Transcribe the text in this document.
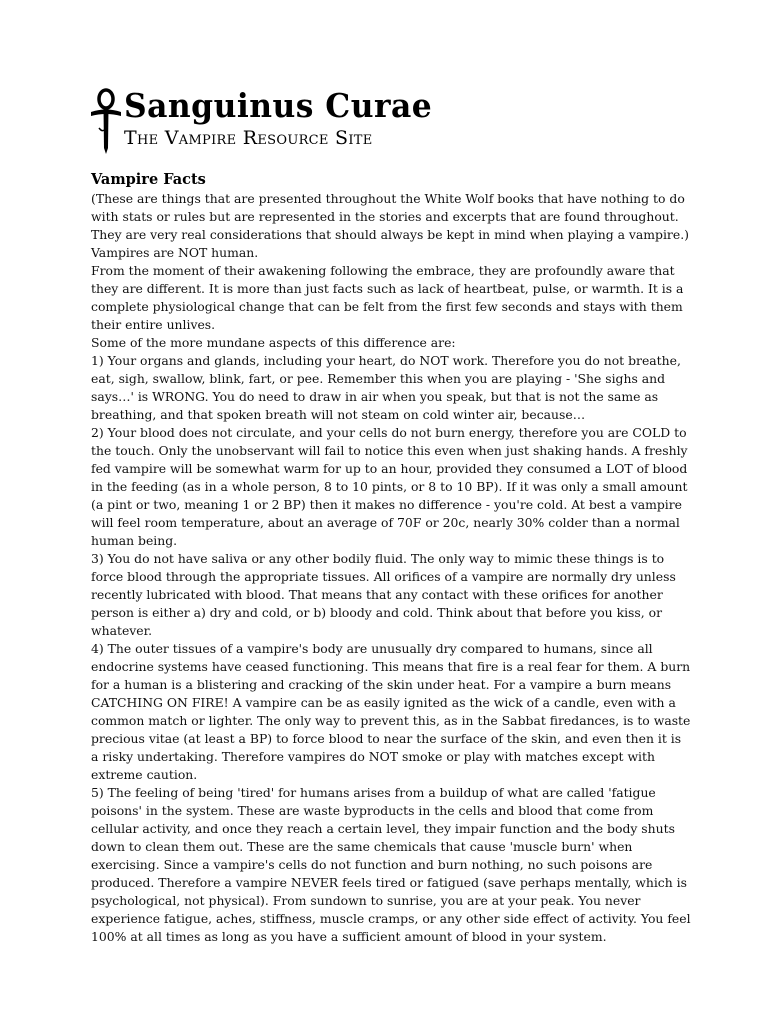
Sanguinus Curae
The Vampire Resource Site
Vampire Facts

(These are things that are presented throughout the White Wolf books that have nothing to do with stats or rules but are represented in the stories and excerpts that are found throughout. They are very real considerations that should always be kept in mind when playing a vampire.)

Vampires are NOT human.

From the moment of their awakening following the embrace, they are profoundly aware that they are different. It is more than just facts such as lack of heartbeat, pulse, or warmth. It is a complete physiological change that can be felt from the first few seconds and stays with them their entire unlives.

Some of the more mundane aspects of this difference are:

1) Your organs and glands, including your heart, do NOT work. Therefore you do not breathe, eat, sigh, swallow, blink, fart, or pee. Remember this when you are playing - 'She sighs and says…' is WRONG. You do need to draw in air when you speak, but that is not the same as breathing, and that spoken breath will not steam on cold winter air, because…

2) Your blood does not circulate, and your cells do not burn energy, therefore you are COLD to the touch. Only the unobservant will fail to notice this even when just shaking hands. A freshly fed vampire will be somewhat warm for up to an hour, provided they consumed a LOT of blood in the feeding (as in a whole person, 8 to 10 pints, or 8 to 10 BP). If it was only a small amount (a pint or two, meaning 1 or 2 BP) then it makes no difference - you're cold. At best a vampire will feel room temperature, about an average of 70F or 20c, nearly 30% colder than a normal human being.

3) You do not have saliva or any other bodily fluid. The only way to mimic these things is to force blood through the appropriate tissues. All orifices of a vampire are normally dry unless recently lubricated with blood. That means that any contact with these orifices for another person is either a) dry and cold, or b) bloody and cold. Think about that before you kiss, or whatever.

4) The outer tissues of a vampire's body are unusually dry compared to humans, since all endocrine systems have ceased functioning. This means that fire is a real fear for them. A burn for a human is a blistering and cracking of the skin under heat. For a vampire a burn means CATCHING ON FIRE! A vampire can be as easily ignited as the wick of a candle, even with a common match or lighter. The only way to prevent this, as in the Sabbat firedances, is to waste precious vitae (at least a BP) to force blood to near the surface of the skin, and even then it is a risky undertaking. Therefore vampires do NOT smoke or play with matches except with extreme caution.

5) The feeling of being 'tired' for humans arises from a buildup of what are called 'fatigue poisons' in the system. These are waste byproducts in the cells and blood that come from cellular activity, and once they reach a certain level, they impair function and the body shuts down to clean them out. These are the same chemicals that cause 'muscle burn' when exercising. Since a vampire's cells do not function and burn nothing, no such poisons are produced. Therefore a vampire NEVER feels tired or fatigued (save perhaps mentally, which is psychological, not physical). From sundown to sunrise, you are at your peak. You never experience fatigue, aches, stiffness, muscle cramps, or any other side effect of activity. You feel 100% at all times as long as you have a sufficient amount of blood in your system.
